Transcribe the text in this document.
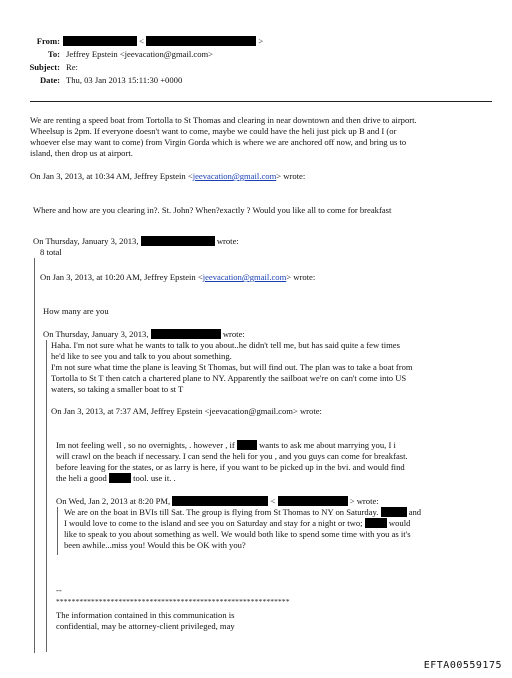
From:	<	>
To: Jeffrey Epstein <jeevacation@gmail.com>
Subject: Re:
Date: Thu, 03 Jan 2013 15:11:30 +0000
We are renting a speed boat from Tortolla to St Thomas and clearing in near downtown and then drive to airport.
Wheelsup is 2pm. If everyone doesn't want to come, maybe we could have the heli just pick up B and I (or
whoever else may want to come) from Virgin Gorda which is where we are anchored off now, and bring us to
island, then drop us at airport.
On Jan 3, 2013, at 10:34 AM, Jeffrey Epstein <jeevacation@gmail.com> wrote:
Where and how are you clearing in?. St. John? When?exactly ? Would you like all to come for breakfast
On Thursday, January 3, 2013,	wrote:
8 total
On Jan 3, 2013, at 10:20 AM, Jeffrey Epstein <jeevacation@gmail.com> wrote:
How many are you
On Thursday, January 3, 2013,	wrote:
Haha. I'm not sure what he wants to talk to you about..he didn't tell me, but has said quite a few times
he'd like to see you and talk to you about something.
I'm not sure what time the plane is leaving St Thomas, but will find out. The plan was to take a boat from
Tortolla to St T then catch a chartered plane to NY. Apparently the sailboat we're on can't come into US
waters, so taking a smaller boat to st T
On Jan 3, 2013, at 7:37 AM, Jeffrey Epstein <jeevacation@gmail.com> wrote:
Im not feeling well , so no overnights, . however , if	wants to ask me about marrying you, I i
will crawl on the beach if necessary. I can send the heli for you , and you guys can come for breakfast.
before leaving for the states, or as larry is here, if you want to be picked up in the bvi. and would find
the heli a good	tool. use it. .
On Wed, Jan 2, 2013 at 8:20 PM,	<	> wrote:
We are on the boat in BVIs till Sat. The group is flying from St Thomas to NY on Saturday.	and
I would love to come to the island and see you on Saturday and stay for a night or two;	would
like to speak to you about something as well. We would both like to spend some time with you as it's
been awhile...miss you! Would this be OK with you?
--
************************************************************
The information contained in this communication is
confidential, may be attorney-client privileged, may
EFTA00559175
